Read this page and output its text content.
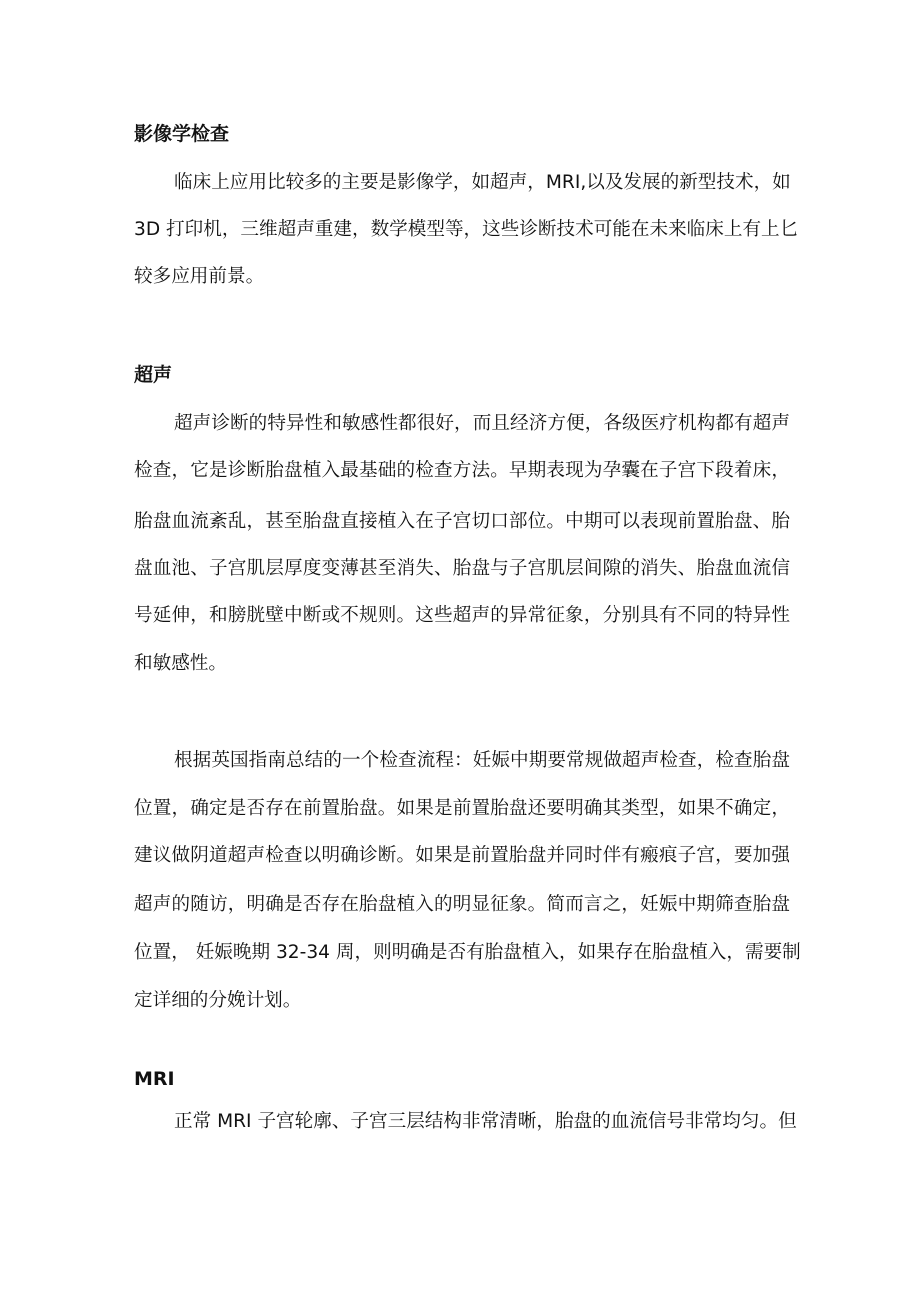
影像学检查
临床上应用比较多的主要是影像学，如超声，MRI,以及发展的新型技术，如
3D 打印机，三维超声重建，数学模型等，这些诊断技术可能在未来临床上有上匕
较多应用前景。
超声
超声诊断的特异性和敏感性都很好，而且经济方便，各级医疗机构都有超声
检查，它是诊断胎盘植入最基础的检查方法。早期表现为孕囊在子宫下段着床，
胎盘血流紊乱，甚至胎盘直接植入在子宫切口部位。中期可以表现前置胎盘、胎
盘血池、子宫肌层厚度变薄甚至消失、胎盘与子宫肌层间隙的消失、胎盘血流信
号延伸，和膀胱壁中断或不规则。这些超声的异常征象，分别具有不同的特异性
和敏感性。
根据英国指南总结的一个检查流程：妊娠中期要常规做超声检查，检查胎盘
位置，确定是否存在前置胎盘。如果是前置胎盘还要明确其类型，如果不确定，
建议做阴道超声检查以明确诊断。如果是前置胎盘并同时伴有瘢痕子宫，要加强
超声的随访，明确是否存在胎盘植入的明显征象。简而言之，妊娠中期筛查胎盘
位置， 妊娠晚期 32-34 周，则明确是否有胎盘植入，如果存在胎盘植入，需要制
定详细的分娩计划。
MRI
正常 MRI 子宫轮廓、子宫三层结构非常清晰，胎盘的血流信号非常均匀。但
